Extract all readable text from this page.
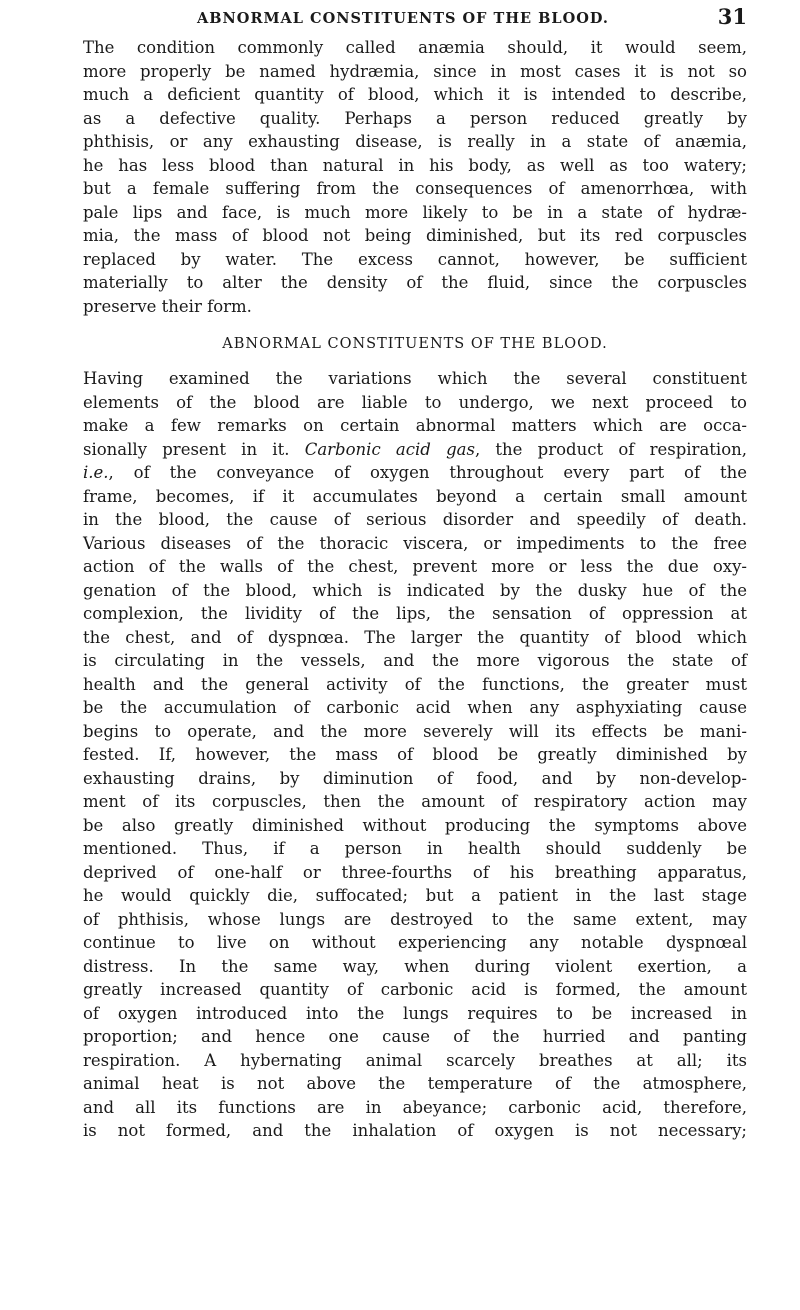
ABNORMAL CONSTITUENTS OF THE BLOOD.	31
The condition commonly called anæmia should, it would seem,
more properly be named hydræmia, since in most cases it is not so
much a deficient quantity of blood, which it is intended to describe,
as a defective quality. Perhaps a person reduced greatly by
phthisis, or any exhausting disease, is really in a state of anæmia,
he has less blood than natural in his body, as well as too watery;
but a female suffering from the consequences of amenorrhœa, with
pale lips and face, is much more likely to be in a state of hydræ-
mia, the mass of blood not being diminished, but its red corpuscles
replaced by water. The excess cannot, however, be sufficient
materially to alter the density of the fluid, since the corpuscles
preserve their form.
ABNORMAL CONSTITUENTS OF THE BLOOD.
Having examined the variations which the several constituent
elements of the blood are liable to undergo, we next proceed to
make a few remarks on certain abnormal matters which are occa-
sionally present in it. Carbonic acid gas, the product of respiration,
i.e., of the conveyance of oxygen throughout every part of the
frame, becomes, if it accumulates beyond a certain small amount
in the blood, the cause of serious disorder and speedily of death.
Various diseases of the thoracic viscera, or impediments to the free
action of the walls of the chest, prevent more or less the due oxy-
genation of the blood, which is indicated by the dusky hue of the
complexion, the lividity of the lips, the sensation of oppression at
the chest, and of dyspnœa. The larger the quantity of blood which
is circulating in the vessels, and the more vigorous the state of
health and the general activity of the functions, the greater must
be the accumulation of carbonic acid when any asphyxiating cause
begins to operate, and the more severely will its effects be mani-
fested. If, however, the mass of blood be greatly diminished by
exhausting drains, by diminution of food, and by non-develop-
ment of its corpuscles, then the amount of respiratory action may
be also greatly diminished without producing the symptoms above
mentioned. Thus, if a person in health should suddenly be
deprived of one-half or three-fourths of his breathing apparatus,
he would quickly die, suffocated; but a patient in the last stage
of phthisis, whose lungs are destroyed to the same extent, may
continue to live on without experiencing any notable dyspnœal
distress. In the same way, when during violent exertion, a
greatly increased quantity of carbonic acid is formed, the amount
of oxygen introduced into the lungs requires to be increased in
proportion; and hence one cause of the hurried and panting
respiration. A hybernating animal scarcely breathes at all; its
animal heat is not above the temperature of the atmosphere,
and all its functions are in abeyance; carbonic acid, therefore,
is not formed, and the inhalation of oxygen is not necessary;
